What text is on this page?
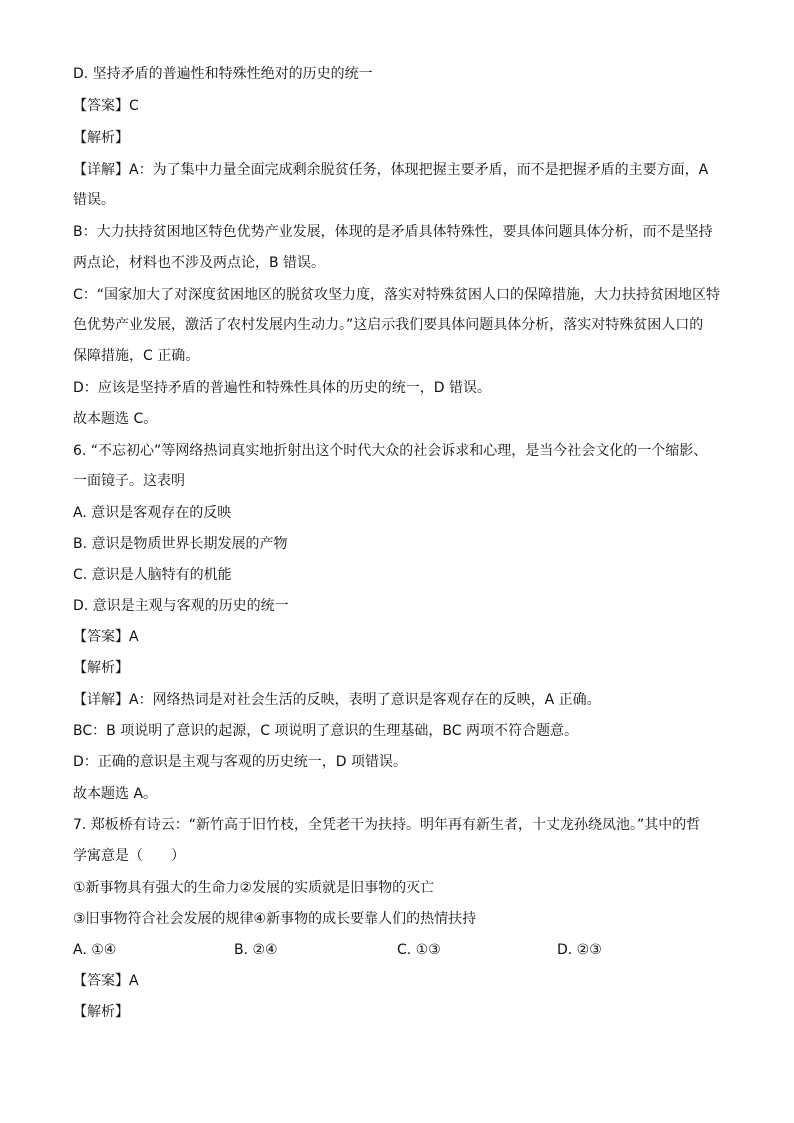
D. 坚持矛盾的普遍性和特殊性绝对的历史的统一
【答案】C
【解析】
【详解】A：为了集中力量全面完成剩余脱贫任务，体现把握主要矛盾，而不是把握矛盾的主要方面，A
错误。
B：大力扶持贫困地区特色优势产业发展，体现的是矛盾具体特殊性，要具体问题具体分析，而不是坚持
两点论，材料也不涉及两点论，B 错误。
C：“国家加大了对深度贫困地区的脱贫攻坚力度，落实对特殊贫困人口的保障措施，大力扶持贫困地区特
色优势产业发展，激活了农村发展内生动力。”这启示我们要具体问题具体分析，落实对特殊贫困人口的
保障措施，C 正确。
D：应该是坚持矛盾的普遍性和特殊性具体的历史的统一，D 错误。
故本题选 C。
6. “不忘初心”等网络热词真实地折射出这个时代大众的社会诉求和心理，是当今社会文化的一个缩影、
一面镜子。这表明
A. 意识是客观存在的反映
B. 意识是物质世界长期发展的产物
C. 意识是人脑特有的机能
D. 意识是主观与客观的历史的统一
【答案】A
【解析】
【详解】A：网络热词是对社会生活的反映，表明了意识是客观存在的反映，A 正确。
BC：B 项说明了意识的起源，C 项说明了意识的生理基础，BC 两项不符合题意。
D：正确的意识是主观与客观的历史统一，D 项错误。
故本题选 A。
7. 郑板桥有诗云：“新竹高于旧竹枝，全凭老干为扶持。明年再有新生者，十丈龙孙绕凤池。”其中的哲
学寓意是（　　）
①新事物具有强大的生命力②发展的实质就是旧事物的灭亡
③旧事物符合社会发展的规律④新事物的成长要靠人们的热情扶持
A. ①④	B. ②④	C. ①③	D. ②③
【答案】A
【解析】
